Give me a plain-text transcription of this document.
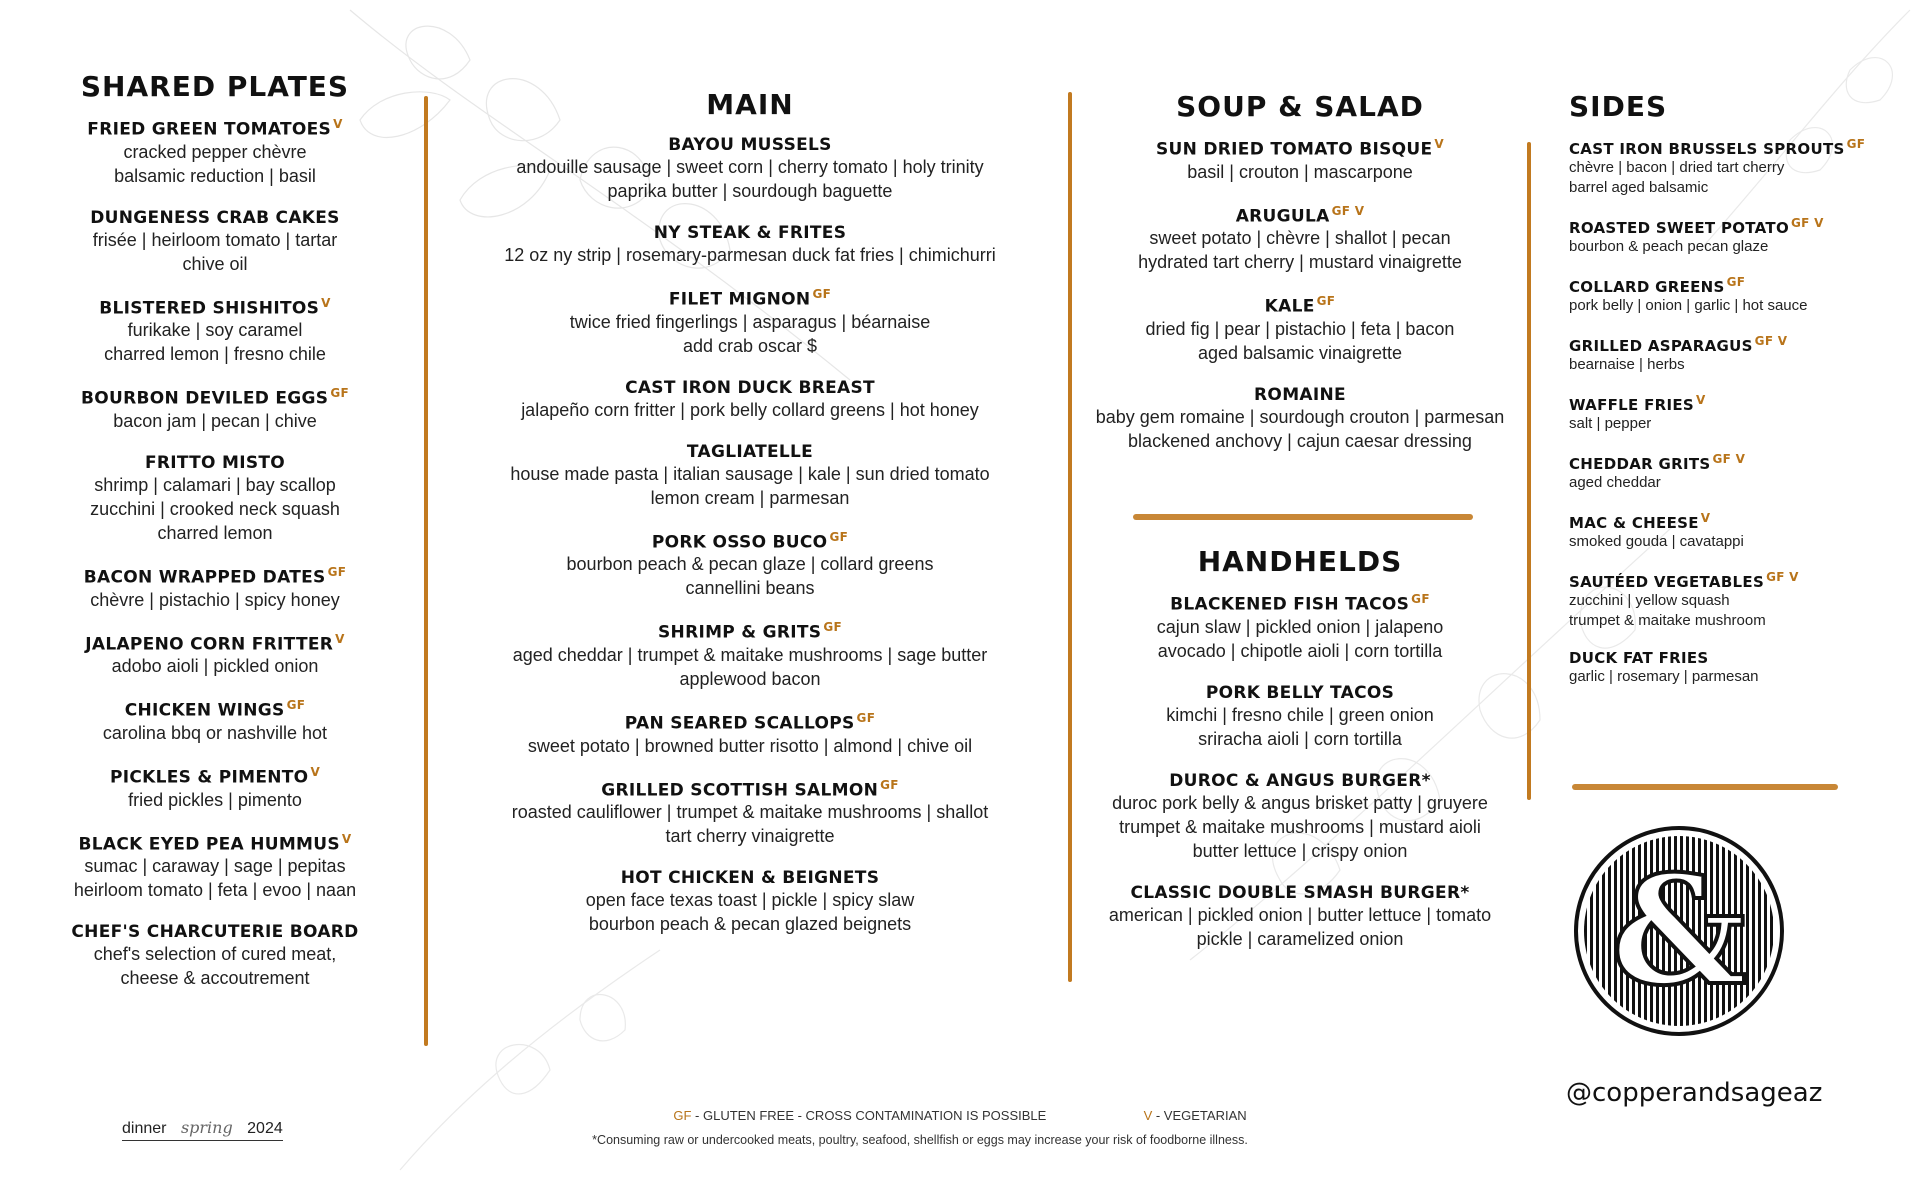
SHARED PLATES
FRIED GREEN TOMATOES $^V$
cracked pepper chèvre
balsamic reduction | basil
DUNGENESS CRAB CAKES
frisée | heirloom tomato | tartar
chive oil
BLISTERED SHISHITOS $^V$
furikake | soy caramel
charred lemon | fresno chile
BOURBON DEVILED EGGS $^{GF}$
bacon jam | pecan | chive
FRITTO MISTO
shrimp | calamari | bay scallop
zucchini | crooked neck squash
charred lemon
BACON WRAPPED DATES $^{GF}$
chèvre | pistachio | spicy honey
JALAPENO CORN FRITTER $^V$
adobo aioli | pickled onion
CHICKEN WINGS $^{GF}$
carolina bbq or nashville hot
PICKLES & PIMENTO $^V$
fried pickles | pimento
BLACK EYED PEA HUMMUS $^V$
sumac | caraway | sage | pepitas
heirloom tomato | feta | evoo | naan
CHEF'S CHARCUTERIE BOARD
chef's selection of cured meat,
cheese & accoutrement
MAIN
BAYOU MUSSELS
andouille sausage | sweet corn | cherry tomato | holy trinity
paprika butter | sourdough baguette
NY STEAK & FRITES
12 oz ny strip | rosemary-parmesan duck fat fries | chimichurri
FILET MIGNON $^{GF}$
twice fried fingerlings | asparagus | béarnaise
add crab oscar $
CAST IRON DUCK BREAST
jalapeño corn fritter | pork belly collard greens | hot honey
TAGLIATELLE
house made pasta | italian sausage | kale | sun dried tomato
lemon cream | parmesan
PORK OSSO BUCO $^{GF}$
bourbon peach & pecan glaze | collard greens
cannellini beans
SHRIMP & GRITS $^{GF}$
aged cheddar | trumpet & maitake mushrooms | sage butter
applewood bacon
PAN SEARED SCALLOPS $^{GF}$
sweet potato | browned butter risotto | almond | chive oil
GRILLED SCOTTISH SALMON $^{GF}$
roasted cauliflower | trumpet & maitake mushrooms | shallot
tart cherry vinaigrette
HOT CHICKEN & BEIGNETS
open face texas toast | pickle | spicy slaw
bourbon peach & pecan glazed beignets
SOUP & SALAD
SUN DRIED TOMATO BISQUE $^V$
basil | crouton | mascarpone
ARUGULA $^{GF V}$
sweet potato | chèvre | shallot | pecan
hydrated tart cherry | mustard vinaigrette
KALE $^{GF}$
dried fig | pear | pistachio | feta | bacon
aged balsamic vinaigrette
ROMAINE
baby gem romaine | sourdough crouton | parmesan
blackened anchovy | cajun caesar dressing
HANDHELDS
BLACKENED FISH TACOS $^{GF}$
cajun slaw | pickled onion | jalapeno
avocado | chipotle aioli | corn tortilla
PORK BELLY TACOS
kimchi | fresno chile | green onion
sriracha aioli | corn tortilla
DUROC & ANGUS BURGER*
duroc pork belly & angus brisket patty | gruyere
trumpet & maitake mushrooms | mustard aioli
butter lettuce | crispy onion
CLASSIC DOUBLE SMASH BURGER*
american | pickled onion | butter lettuce | tomato
pickle | caramelized onion
SIDES
CAST IRON BRUSSELS SPROUTS $^{GF}$
chèvre | bacon | dried tart cherry
barrel aged balsamic
ROASTED SWEET POTATO $^{GF V}$
bourbon & peach pecan glaze
COLLARD GREENS $^{GF}$
pork belly | onion | garlic | hot sauce
GRILLED ASPARAGUS $^{GF V}$
bearnaise | herbs
WAFFLE FRIES $^V$
salt | pepper
CHEDDAR GRITS $^{GF V}$
aged cheddar
MAC & CHEESE $^V$
smoked gouda | cavatappi
SAUTÉED VEGETABLES $^{GF V}$
zucchini | yellow squash
trumpet & maitake mushroom
DUCK FAT FRIES
garlic | rosemary | parmesan
&
@copperandsageaz
dinner spring 2024
GF - GLUTEN FREE - CROSS CONTAMINATION IS POSSIBLE	V - VEGETARIAN
*Consuming raw or undercooked meats, poultry, seafood, shellfish or eggs may increase your risk of foodborne illness.
